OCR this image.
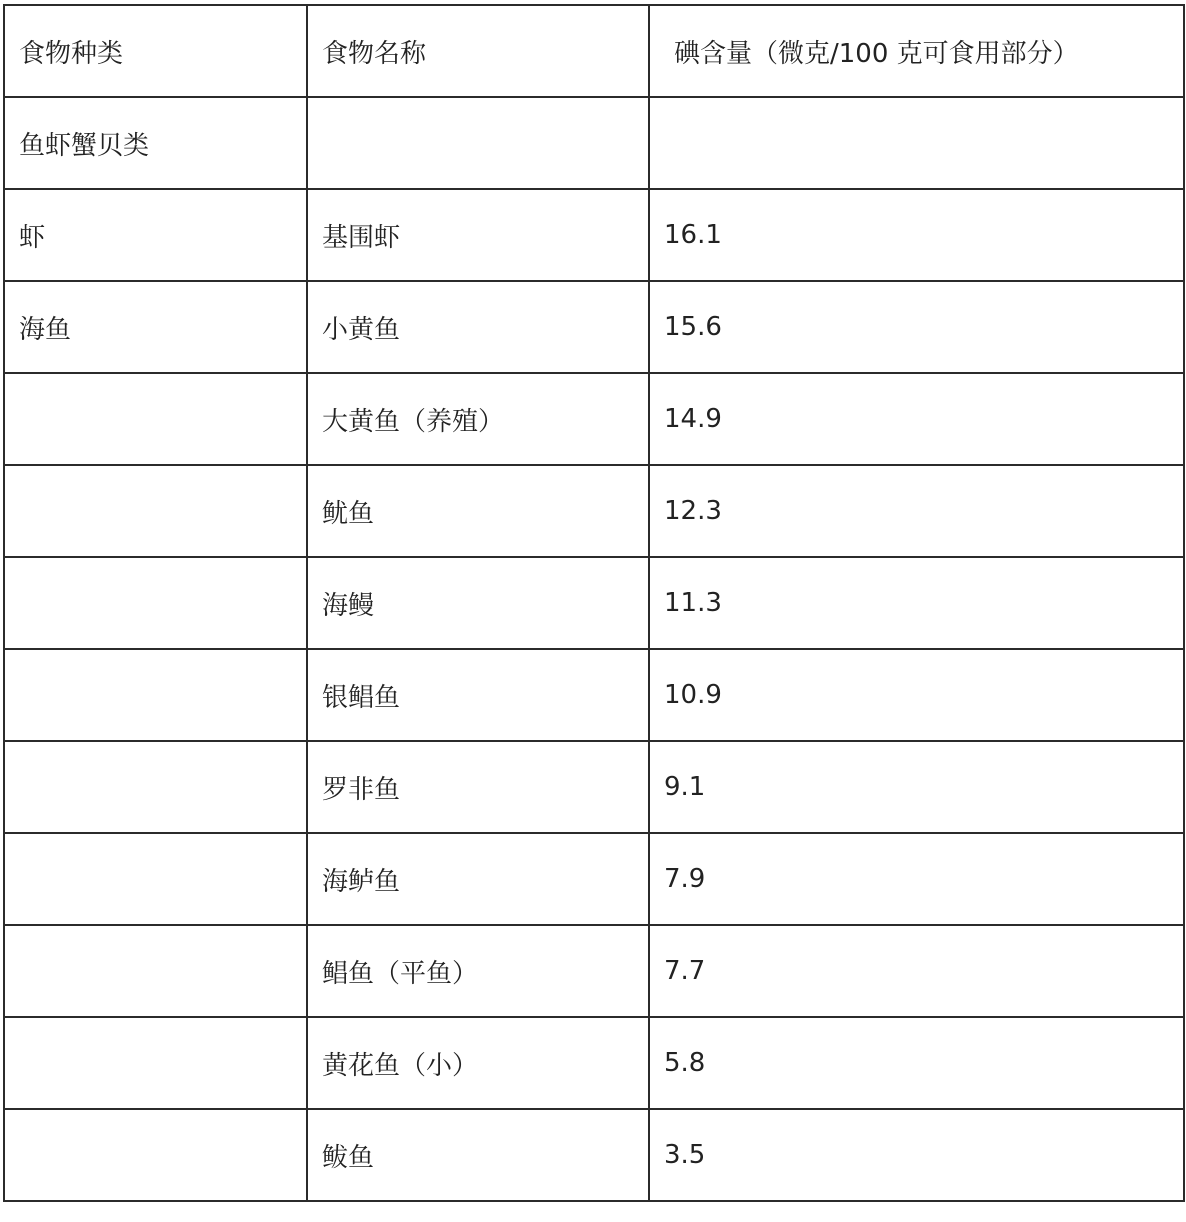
食物种类	食物名称	碘含量（微克/100 克可食用部分）
鱼虾蟹贝类		
虾	基围虾	16.1
海鱼	小黄鱼	15.6
	大黄鱼（养殖）	14.9
	鱿鱼	12.3
	海鳗	11.3
	银鲳鱼	10.9
	罗非鱼	9.1
	海鲈鱼	7.9
	鲳鱼（平鱼）	7.7
	黄花鱼（小）	5.8
	鲅鱼	3.5
